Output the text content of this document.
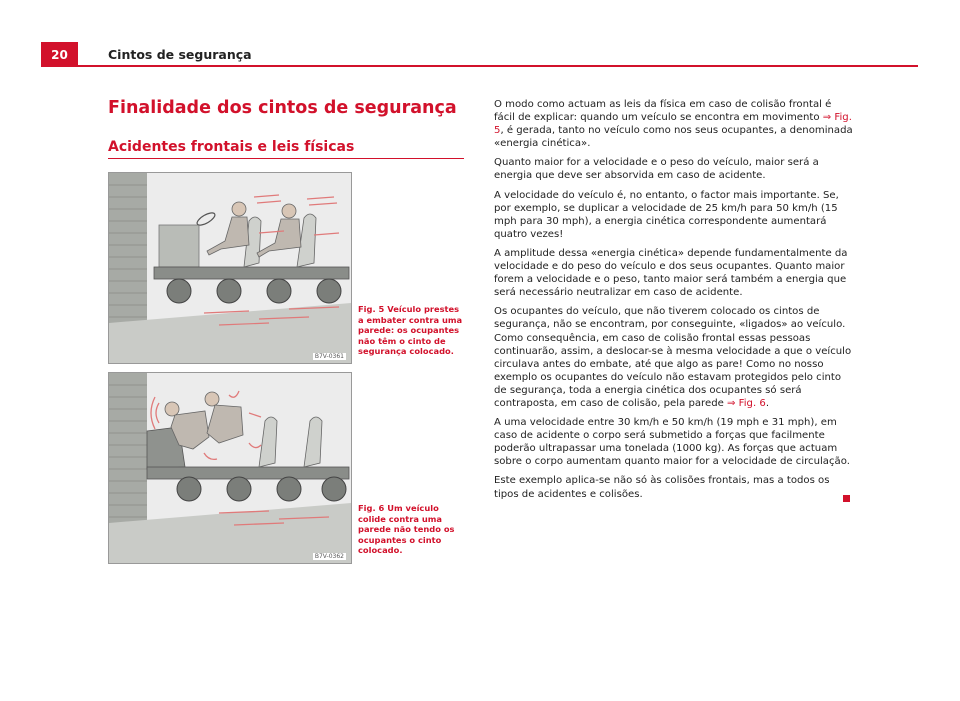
20	Cintos de segurança
Finalidade dos cintos de segurança
Acidentes frontais e leis físicas
B7V-0361
Fig. 5 Veículo prestes a embater contra uma parede: os ocupantes não têm o cinto de segurança colocado.
B7V-0362
Fig. 6 Um veículo colide contra uma parede não tendo os ocupantes o cinto colocado.

O modo como actuam as leis da física em caso de colisão frontal é fácil de explicar: quando um veículo se encontra em movimento ⇒ Fig. 5, é gerada, tanto no veículo como nos seus ocupantes, a denominada «energia cinética».

Quanto maior for a velocidade e o peso do veículo, maior será a energia que deve ser absorvida em caso de acidente.

A velocidade do veículo é, no entanto, o factor mais importante. Se, por exemplo, se duplicar a velocidade de 25 km/h para 50 km/h (15 mph para 30 mph), a energia cinética correspondente aumentará quatro vezes!

A amplitude dessa «energia cinética» depende fundamentalmente da velocidade e do peso do veículo e dos seus ocupantes. Quanto maior forem a velocidade e o peso, tanto maior será também a energia que será necessário neutralizar em caso de acidente.

Os ocupantes do veículo, que não tiverem colocado os cintos de segurança, não se encontram, por conseguinte, «ligados» ao veículo. Como consequência, em caso de colisão frontal essas pessoas continuarão, assim, a deslocar-se à mesma velocidade a que o veículo circulava antes do embate, até que algo as pare! Como no nosso exemplo os ocupantes do veículo não estavam protegidos pelo cinto de segurança, toda a energia cinética dos ocupantes só será contraposta, em caso de colisão, pela parede ⇒ Fig. 6.

A uma velocidade entre 30 km/h e 50 km/h (19 mph e 31 mph), em caso de acidente o corpo será submetido a forças que facilmente poderão ultrapassar uma tonelada (1000 kg). As forças que actuam sobre o corpo aumentam quanto maior for a velocidade de circulação.

Este exemplo aplica-se não só às colisões frontais, mas a todos os tipos de acidentes e colisões.
